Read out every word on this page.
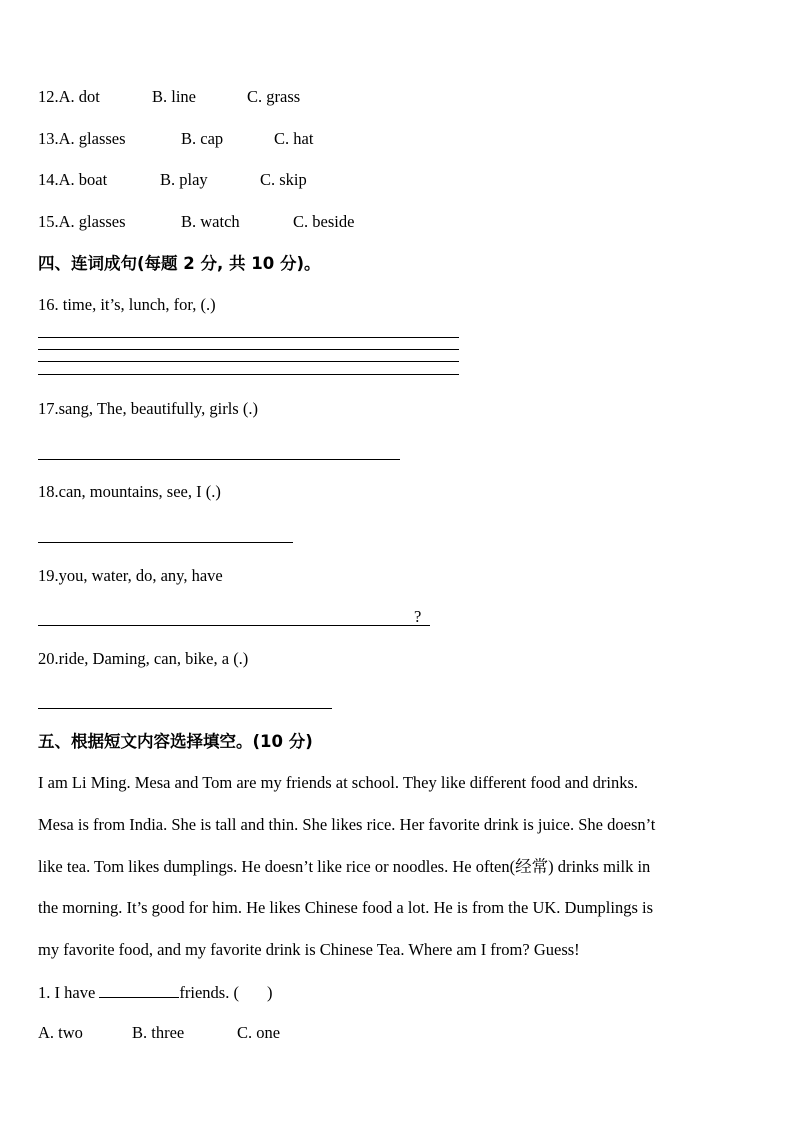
12.A. dot	B. line	C. grass
13.A. glasses	B. cap	C. hat
14.A. boat	B. play	C. skip
15.A. glasses	B. watch	C. beside
四、连词成句(每题 2 分, 共 10 分)。
16. time, it’s, lunch, for, (.)
17.sang, The, beautifully, girls (.)
18.can, mountains, see, I (.)
19.you, water, do, any, have
?
20.ride, Daming, can, bike, a (.)
五、根据短文内容选择填空。(10 分)
I am Li Ming. Mesa and Tom are my friends at school. They like different food and drinks.
Mesa is from India. She is tall and thin. She likes rice. Her favorite drink is juice. She doesn’t
like tea. Tom likes dumplings. He doesn’t like rice or noodles. He often(经常) drinks milk in
the morning. It’s good for him. He likes Chinese food a lot. He is from the UK. Dumplings is
my favorite food, and my favorite drink is Chinese Tea. Where am I from? Guess!
1. I have	friends. ( )
A. two	B. three	C. one
